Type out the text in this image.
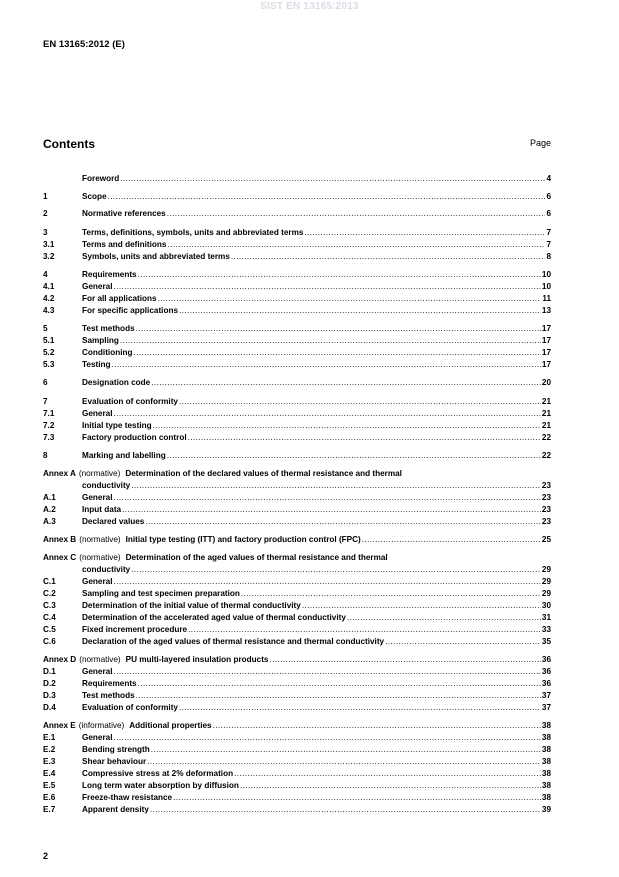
SIST EN 13165:2013
EN 13165:2012 (E)
Contents	Page
Foreword .....	4
1	Scope .....	6
2	Normative references .....	6
3	Terms, definitions, symbols, units and abbreviated terms .....	7
3.1	Terms and definitions .....	7
3.2	Symbols, units and abbreviated terms .....	8
4	Requirements .....	10
4.1	General .....	10
4.2	For all applications .....	11
4.3	For specific applications .....	13
5	Test methods .....	17
5.1	Sampling .....	17
5.2	Conditioning .....	17
5.3	Testing .....	17
6	Designation code .....	20
7	Evaluation of conformity .....	21
7.1	General .....	21
7.2	Initial type testing .....	21
7.3	Factory production control .....	22
8	Marking and labelling .....	22
Annex A (normative) Determination of the declared values of thermal resistance and thermal
conductivity .....	23
A.1	General .....	23
A.2	Input data .....	23
A.3	Declared values .....	23
Annex B (normative) Initial type testing (ITT) and factory production control (FPC) .....	25
Annex C (normative) Determination of the aged values of thermal resistance and thermal
conductivity .....	29
C.1	General .....	29
C.2	Sampling and test specimen preparation .....	29
C.3	Determination of the initial value of thermal conductivity .....	30
C.4	Determination of the accelerated aged value of thermal conductivity .....	31
C.5	Fixed increment procedure .....	33
C.6	Declaration of the aged values of thermal resistance and thermal conductivity .....	35
Annex D (normative) PU multi-layered insulation products .....	36
D.1	General .....	36
D.2	Requirements .....	36
D.3	Test methods .....	37
D.4	Evaluation of conformity .....	37
Annex E (informative) Additional properties .....	38
E.1	General .....	38
E.2	Bending strength .....	38
E.3	Shear behaviour .....	38
E.4	Compressive stress at 2% deformation .....	38
E.5	Long term water absorption by diffusion .....	38
E.6	Freeze-thaw resistance .....	38
E.7	Apparent density .....	39
2
